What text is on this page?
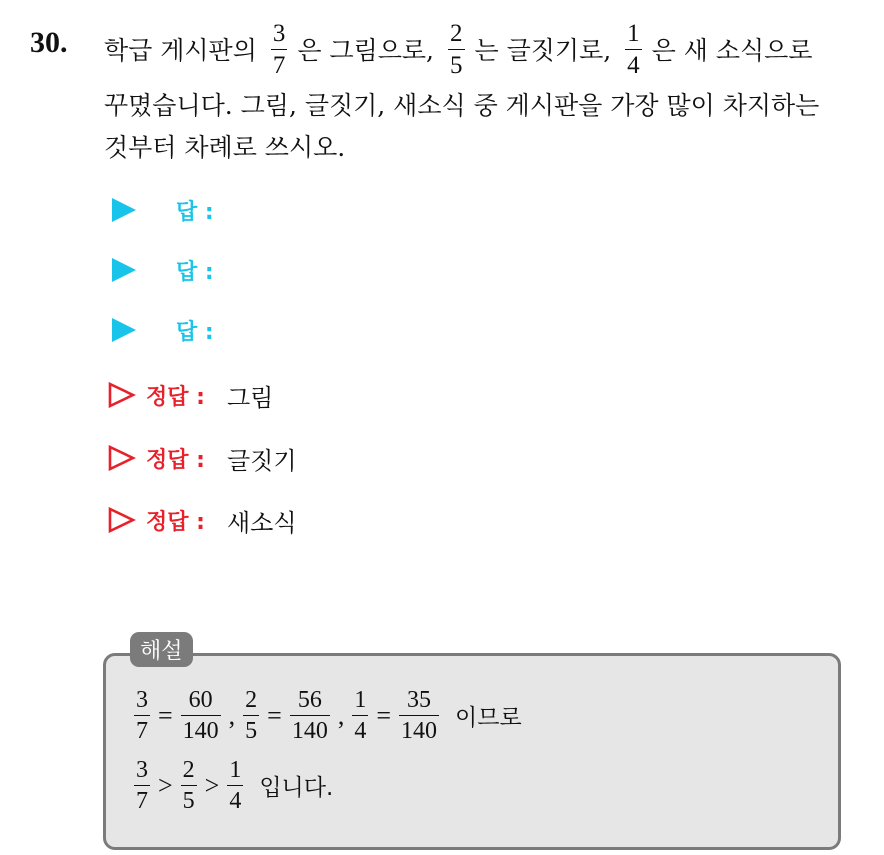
30. 학급 게시판의 $\frac{3}{7}$ 은 그림으로, $\frac{2}{5}$ 는 글짓기로, $\frac{1}{4}$ 은 새 소식으로
꾸몄습니다. 그림, 글짓기, 새소식 중 게시판을 가장 많이 차지하는
것부터 차례로 쓰시오.
답 :
답 :
답 :
정답 : 그림
정답 : 글짓기
정답 : 새소식
$\frac{3}{7} = \frac{60}{140}$ , $\frac{2}{5} = \frac{56}{140}$ , $\frac{1}{4} = \frac{35}{140}$ 이므로
$\frac{3}{7} > \frac{2}{5} > \frac{1}{4}$ 입니다.
해설
